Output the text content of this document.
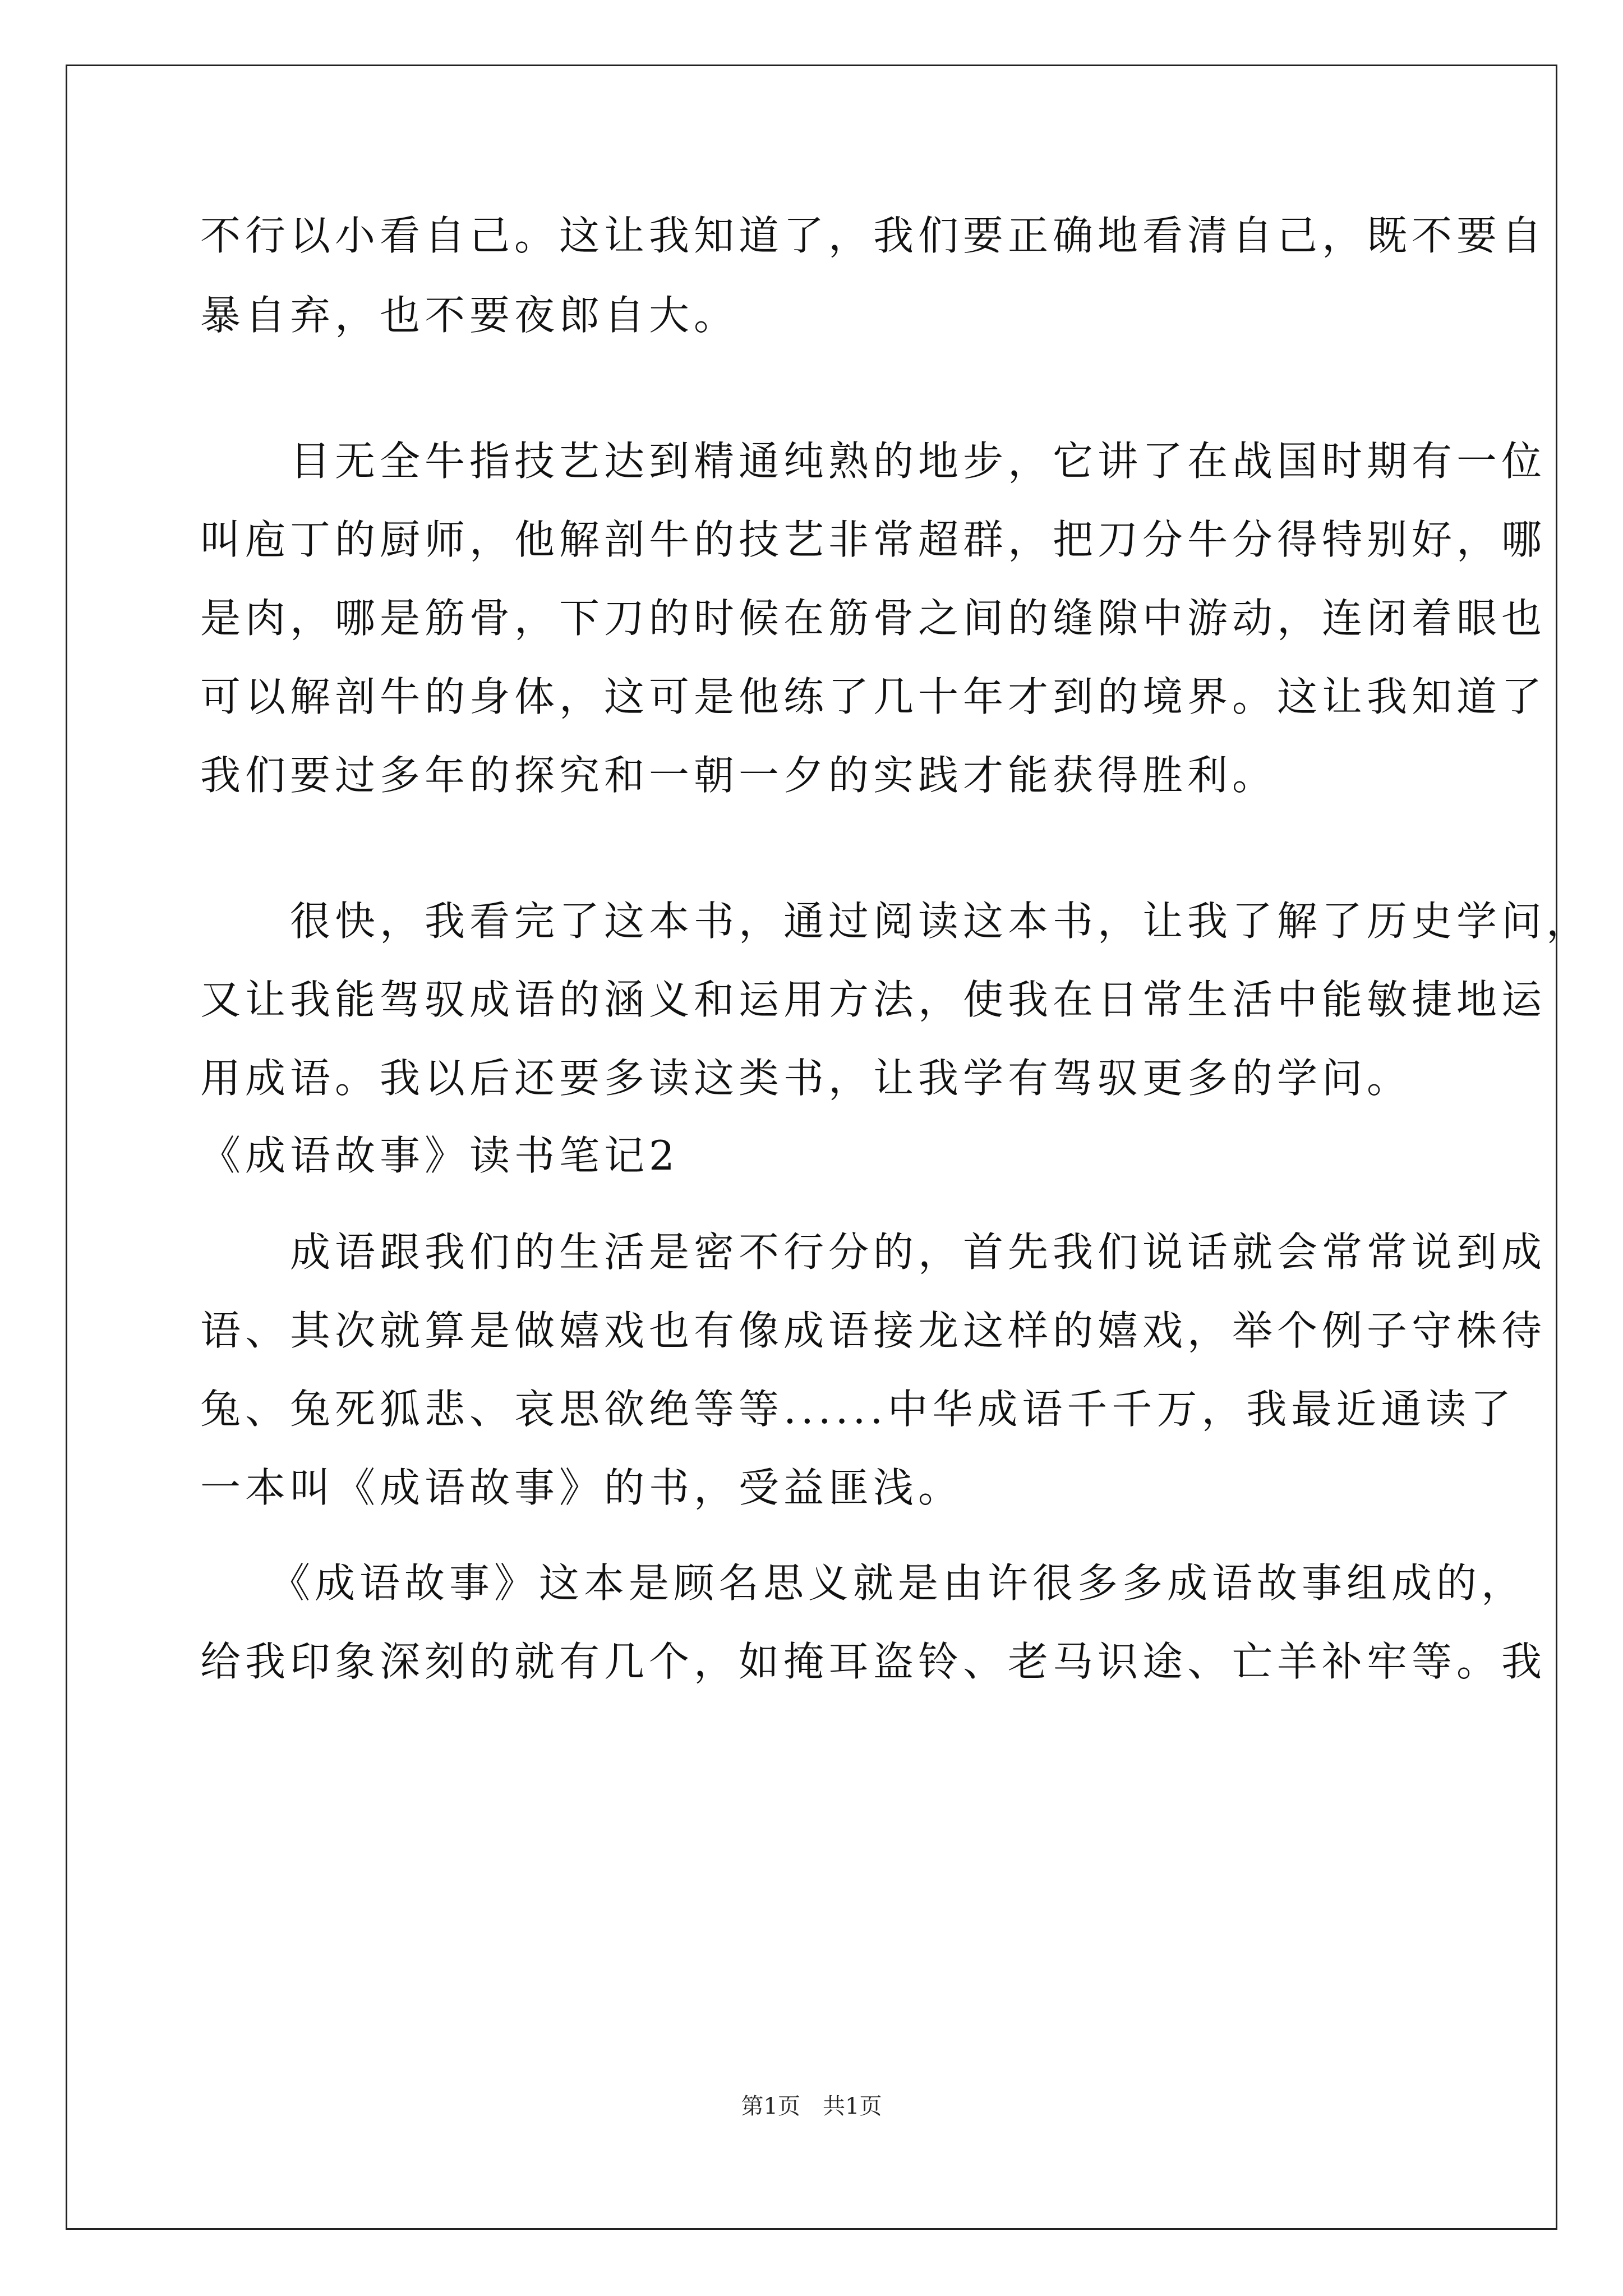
不行以小看自己。这让我知道了，我们要正确地看清自己，既不要自
暴自弃，也不要夜郎自大。
　　目无全牛指技艺达到精通纯熟的地步，它讲了在战国时期有一位
叫庖丁的厨师，他解剖牛的技艺非常超群，把刀分牛分得特别好，哪
是肉，哪是筋骨，下刀的时候在筋骨之间的缝隙中游动，连闭着眼也
可以解剖牛的身体，这可是他练了几十年才到的境界。这让我知道了
我们要过多年的探究和一朝一夕的实践才能获得胜利。
　　很快，我看完了这本书，通过阅读这本书，让我了解了历史学问，
又让我能驾驭成语的涵义和运用方法，使我在日常生活中能敏捷地运
用成语。我以后还要多读这类书，让我学有驾驭更多的学问。
《成语故事》读书笔记2
　　成语跟我们的生活是密不行分的，首先我们说话就会常常说到成
语、其次就算是做嬉戏也有像成语接龙这样的嬉戏，举个例子守株待
兔、兔死狐悲、哀思欲绝等等......中华成语千千万，我最近通读了
一本叫《成语故事》的书，受益匪浅。
　　《成语故事》这本是顾名思义就是由许很多多成语故事组成的，
给我印象深刻的就有几个，如掩耳盗铃、老马识途、亡羊补牢等。我
第1页　共1页
